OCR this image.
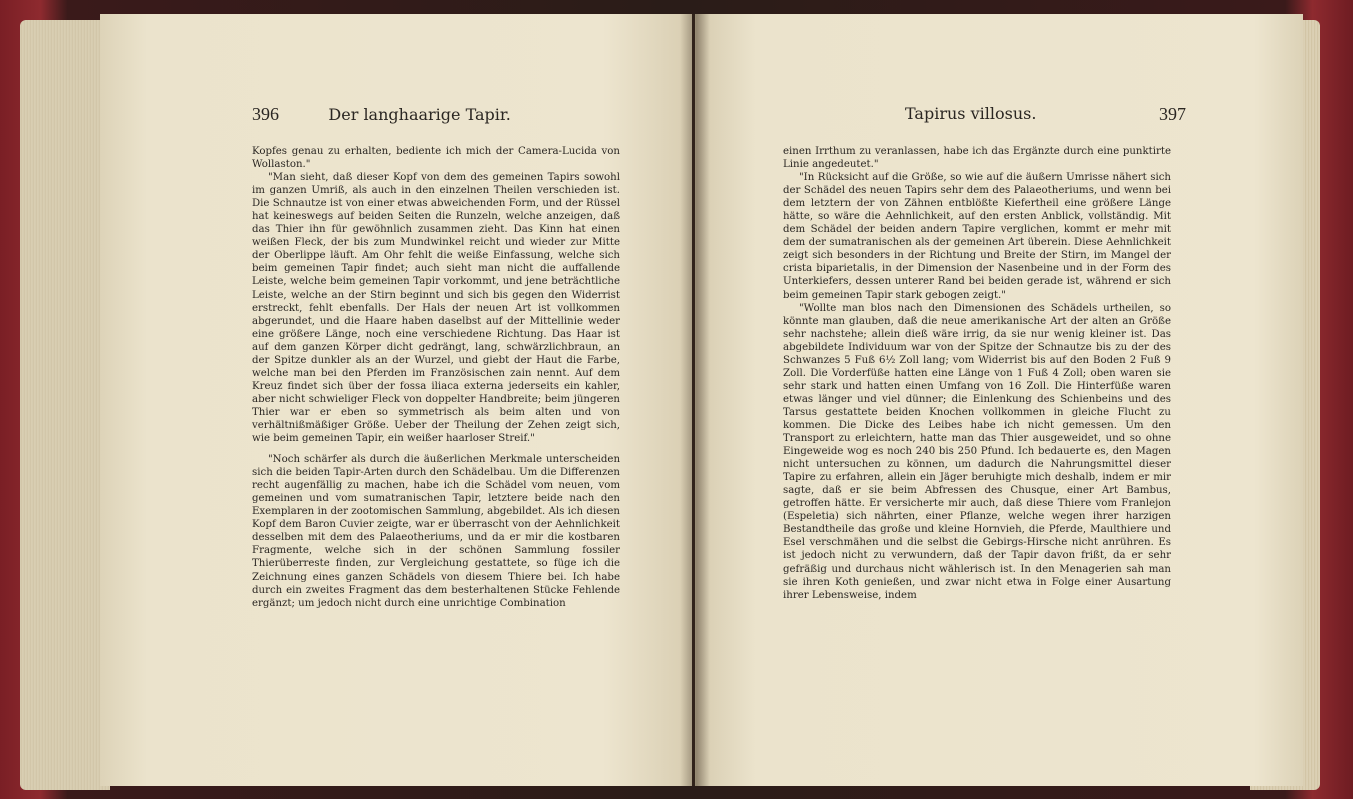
396	Der langhaarige Tapir.

Kopfes genau zu erhalten, bediente ich mich der Camera-Lucida von Wollaston."

"Man sieht, daß dieser Kopf von dem des gemeinen Tapirs sowohl im ganzen Umriß, als auch in den einzelnen Theilen verschieden ist. Die Schnautze ist von einer etwas abweichenden Form, und der Rüssel hat keineswegs auf beiden Seiten die Runzeln, welche anzeigen, daß das Thier ihn für gewöhnlich zusammen zieht. Das Kinn hat einen weißen Fleck, der bis zum Mundwinkel reicht und wieder zur Mitte der Oberlippe läuft. Am Ohr fehlt die weiße Einfassung, welche sich beim gemeinen Tapir findet; auch sieht man nicht die auffallende Leiste, welche beim gemeinen Tapir vorkommt, und jene beträchtliche Leiste, welche an der Stirn beginnt und sich bis gegen den Widerrist erstreckt, fehlt ebenfalls. Der Hals der neuen Art ist vollkommen abgerundet, und die Haare haben daselbst auf der Mittellinie weder eine größere Länge, noch eine verschiedene Richtung. Das Haar ist auf dem ganzen Körper dicht gedrängt, lang, schwärzlichbraun, an der Spitze dunkler als an der Wurzel, und giebt der Haut die Farbe, welche man bei den Pferden im Französischen zain nennt. Auf dem Kreuz findet sich über der fossa iliaca externa jederseits ein kahler, aber nicht schwieliger Fleck von doppelter Handbreite; beim jüngeren Thier war er eben so symmetrisch als beim alten und von verhältnißmäßiger Größe. Ueber der Theilung der Zehen zeigt sich, wie beim gemeinen Tapir, ein weißer haarloser Streif."

"Noch schärfer als durch die äußerlichen Merkmale unterscheiden sich die beiden Tapir-Arten durch den Schädelbau. Um die Differenzen recht augenfällig zu machen, habe ich die Schädel vom neuen, vom gemeinen und vom sumatranischen Tapir, letztere beide nach den Exemplaren in der zootomischen Sammlung, abgebildet. Als ich diesen Kopf dem Baron Cuvier zeigte, war er überrascht von der Aehnlichkeit desselben mit dem des Palaeotheriums, und da er mir die kostbaren Fragmente, welche sich in der schönen Sammlung fossiler Thierüberreste finden, zur Vergleichung gestattete, so füge ich die Zeichnung eines ganzen Schädels von diesem Thiere bei. Ich habe durch ein zweites Fragment das dem besterhaltenen Stücke Fehlende ergänzt; um jedoch nicht durch eine unrichtige Combination

Tapirus villosus.	397

einen Irrthum zu veranlassen, habe ich das Ergänzte durch eine punktirte Linie angedeutet."

"In Rücksicht auf die Größe, so wie auf die äußern Umrisse nähert sich der Schädel des neuen Tapirs sehr dem des Palaeotheriums, und wenn bei dem letztern der von Zähnen entblößte Kiefertheil eine größere Länge hätte, so wäre die Aehnlichkeit, auf den ersten Anblick, vollständig. Mit dem Schädel der beiden andern Tapire verglichen, kommt er mehr mit dem der sumatranischen als der gemeinen Art überein. Diese Aehnlichkeit zeigt sich besonders in der Richtung und Breite der Stirn, im Mangel der crista biparietalis, in der Dimension der Nasenbeine und in der Form des Unterkiefers, dessen unterer Rand bei beiden gerade ist, während er sich beim gemeinen Tapir stark gebogen zeigt."

"Wollte man blos nach den Dimensionen des Schädels urtheilen, so könnte man glauben, daß die neue amerikanische Art der alten an Größe sehr nachstehe; allein dieß wäre irrig, da sie nur wenig kleiner ist. Das abgebildete Individuum war von der Spitze der Schnautze bis zu der des Schwanzes 5 Fuß 6½ Zoll lang; vom Widerrist bis auf den Boden 2 Fuß 9 Zoll. Die Vorderfüße hatten eine Länge von 1 Fuß 4 Zoll; oben waren sie sehr stark und hatten einen Umfang von 16 Zoll. Die Hinterfüße waren etwas länger und viel dünner; die Einlenkung des Schienbeins und des Tarsus gestattete beiden Knochen vollkommen in gleiche Flucht zu kommen. Die Dicke des Leibes habe ich nicht gemessen. Um den Transport zu erleichtern, hatte man das Thier ausgeweidet, und so ohne Eingeweide wog es noch 240 bis 250 Pfund. Ich bedauerte es, den Magen nicht untersuchen zu können, um dadurch die Nahrungsmittel dieser Tapire zu erfahren, allein ein Jäger beruhigte mich deshalb, indem er mir sagte, daß er sie beim Abfressen des Chusque, einer Art Bambus, getroffen hätte. Er versicherte mir auch, daß diese Thiere vom Franlejon (Espeletia) sich nährten, einer Pflanze, welche wegen ihrer harzigen Bestandtheile das große und kleine Hornvieh, die Pferde, Maulthiere und Esel verschmähen und die selbst die Gebirgs-Hirsche nicht anrühren. Es ist jedoch nicht zu verwundern, daß der Tapir davon frißt, da er sehr gefräßig und durchaus nicht wählerisch ist. In den Menagerien sah man sie ihren Koth genießen, und zwar nicht etwa in Folge einer Ausartung ihrer Lebensweise, indem
